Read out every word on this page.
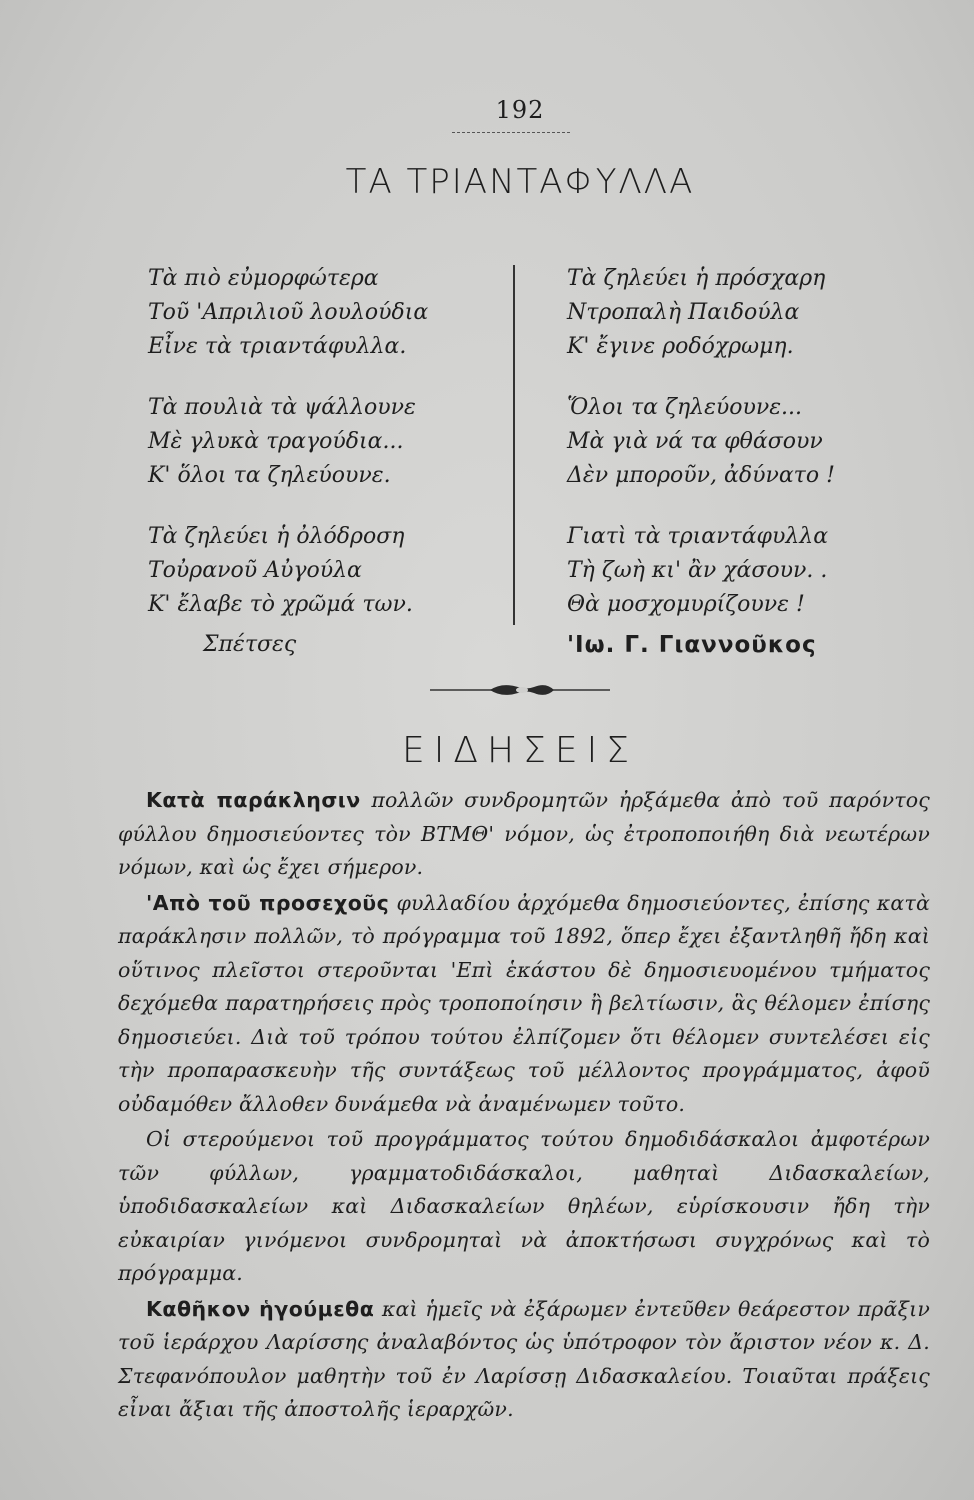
192
ΤΑ ΤΡΙΑΝΤΑΦΥΛΛΑ
Τὰ πιὸ εὐμορφώτερα
Τοῦ 'Απριλιοῦ λουλούδια
Εἶνε τὰ τριαντάφυλλα.
Τὰ πουλιὰ τὰ ψάλλουνε
Μὲ γλυκὰ τραγούδια...
Κ' ὅλοι τα ζηλεύουνε.
Τὰ ζηλεύει ἡ ὀλόδροση
Τοὐρανοῦ Αὐγούλα
Κ' ἔλαβε τὸ χρῶμά των.
Τὰ ζηλεύει ἡ πρόσχαρη
Ντροπαλὴ Παιδούλα
Κ' ἔγινε ροδόχρωμη.
Ὅλοι τα ζηλεύουνε...
Μὰ γιὰ νά τα φθάσουν
Δὲν μποροῦν, ἀδύνατο !
Γιατὶ τὰ τριαντάφυλλα
Τὴ ζωὴ κι' ἂν χάσουν. .
Θὰ μοσχομυρίζουνε !
Σπέτσες	'Ιω. Γ. Γιαννοῦκος
ΕΙΔΗΣΕΙΣ

Κατὰ παράκλησιν πολλῶν συνδρομητῶν ἠρξάμεθα ἀπὸ τοῦ παρόντος φύλλου δημοσιεύοντες τὸν ΒΤΜΘ' νόμον, ὡς ἐτροποποιήθη διὰ νεωτέρων νόμων, καὶ ὡς ἔχει σήμερον.

'Απὸ τοῦ προσεχοῦς φυλλαδίου ἀρχόμεθα δημοσιεύοντες, ἐπίσης κατὰ παράκλησιν πολλῶν, τὸ πρόγραμμα τοῦ 1892, ὅπερ ἔχει ἐξαντληθῆ ἤδη καὶ οὕτινος πλεῖστοι στεροῦνται 'Επὶ ἑκάστου δὲ δημοσιευομένου τμήματος δεχόμεθα παρατηρήσεις πρὸς τροποποίησιν ἢ βελτίωσιν, ἃς θέλομεν ἐπίσης δημοσιεύει. Διὰ τοῦ τρόπου τούτου ἐλπίζομεν ὅτι θέλομεν συντελέσει εἰς τὴν προπαρασκευὴν τῆς συντάξεως τοῦ μέλλοντος προγράμματος, ἀφοῦ οὐδαμόθεν ἄλλοθεν δυνάμεθα νὰ ἀναμένωμεν τοῦτο.

Οἱ στερούμενοι τοῦ προγράμματος τούτου δημοδιδάσκαλοι ἀμφοτέρων τῶν φύλλων, γραμματοδιδάσκαλοι, μαθηταὶ Διδασκαλείων, ὑποδιδασκαλείων καὶ Διδασκαλείων θηλέων, εὑρίσκουσιν ἤδη τὴν εὐκαιρίαν γινόμενοι συνδρομηταὶ νὰ ἀποκτήσωσι συγχρόνως καὶ τὸ πρόγραμμα.

Καθῆκον ἡγούμεθα καὶ ἡμεῖς νὰ ἐξάρωμεν ἐντεῦθεν θεάρεστον πρᾶξιν τοῦ ἱεράρχου Λαρίσσης ἀναλαβόντος ὡς ὑπότροφον τὸν ἄριστον νέον κ. Δ. Στεφανόπουλον μαθητὴν τοῦ ἐν Λαρίσσῃ Διδασκαλείου. Τοιαῦται πράξεις εἶναι ἄξιαι τῆς ἀποστολῆς ἱεραρχῶν.
